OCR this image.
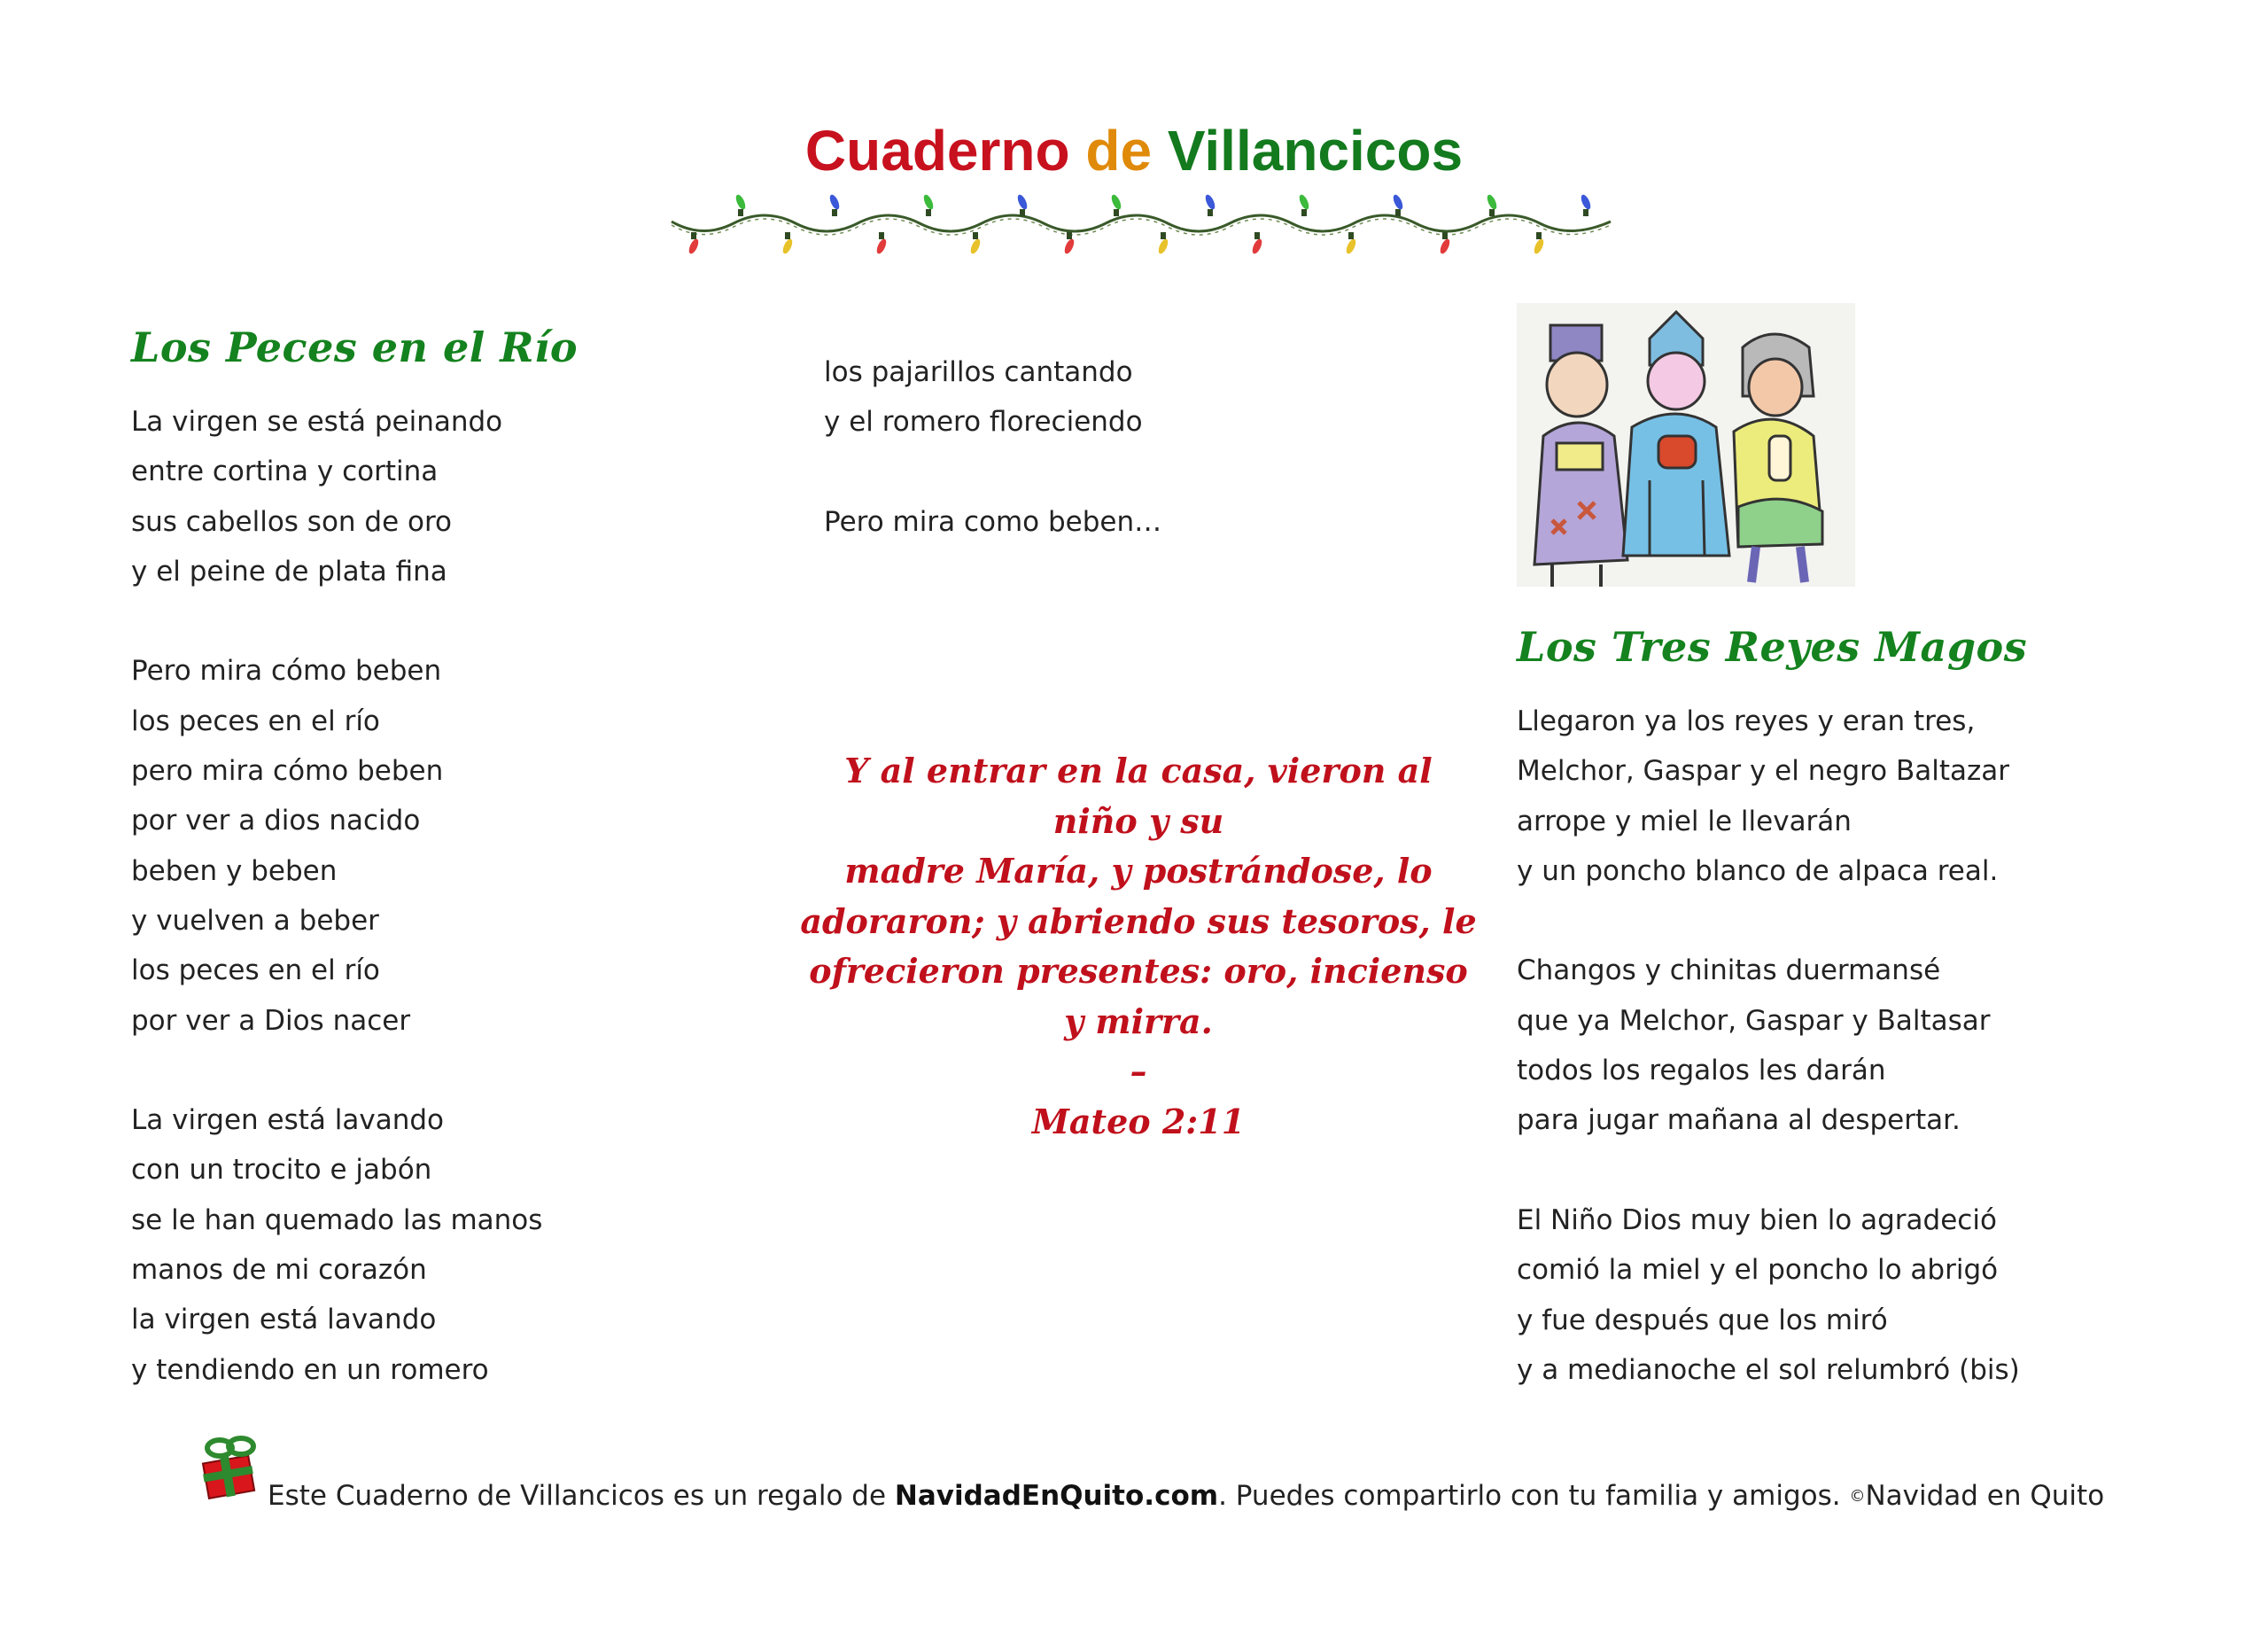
Cuaderno de Villancicos
Los Peces en el Río
La virgen se está peinando
entre cortina y cortina
sus cabellos son de oro
y el peine de plata fina

Pero mira cómo beben
los peces en el río
pero mira cómo beben
por ver a dios nacido
beben y beben
y vuelven a beber
los peces en el río
por ver a Dios nacer

La virgen está lavando
con un trocito e jabón
se le han quemado las manos
manos de mi corazón
la virgen está lavando
y tendiendo en un romero
los pajarillos cantando
y el romero floreciendo

Pero mira como beben…

Y al entrar en la casa, vieron al niño y su

madre María, y postrándose, lo

adoraron; y abriendo sus tesoros, le

ofrecieron presentes: oro, incienso y mirra.

–

Mateo 2:11

Los Tres Reyes Magos
Llegaron ya los reyes y eran tres,
Melchor, Gaspar y el negro Baltazar
arrope y miel le llevarán
y un poncho blanco de alpaca real.

Changos y chinitas duermansé
que ya Melchor, Gaspar y Baltasar
todos los regalos les darán
para jugar mañana al despertar.

El Niño Dios muy bien lo agradeció
comió la miel y el poncho lo abrigó
y fue después que los miró
y a medianoche el sol relumbró (bis)
Este Cuaderno de Villancicos es un regalo de NavidadEnQuito.com. Puedes compartirlo con tu familia y amigos. ©Navidad en Quito
